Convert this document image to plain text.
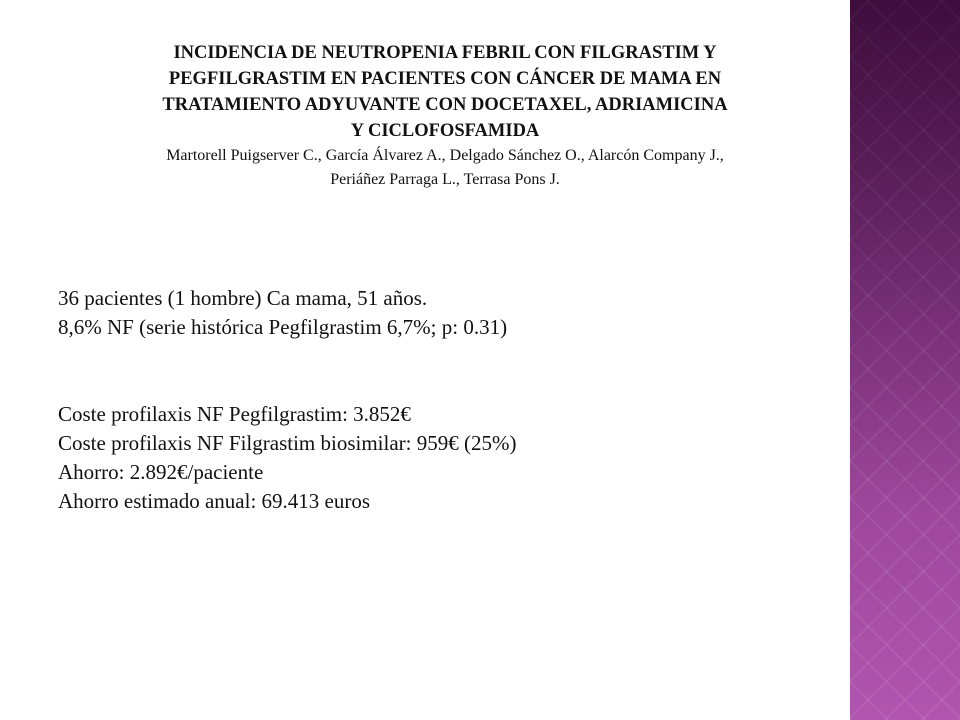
INCIDENCIA DE NEUTROPENIA FEBRIL CON FILGRASTIM Y
PEGFILGRASTIM EN PACIENTES CON CÁNCER DE MAMA EN
TRATAMIENTO ADYUVANTE CON DOCETAXEL, ADRIAMICINA
Y CICLOFOSFAMIDA

Martorell Puigserver C., García Álvarez A., Delgado Sánchez O., Alarcón Company J.,
Periáñez Parraga L., Terrasa Pons J.

36 pacientes (1 hombre) Ca mama, 51 años.
8,6% NF (serie histórica Pegfilgrastim 6,7%; p: 0.31)
Coste profilaxis NF Pegfilgrastim: 3.852€
Coste profilaxis NF Filgrastim biosimilar: 959€ (25%)
Ahorro: 2.892€/paciente
Ahorro estimado anual: 69.413 euros
